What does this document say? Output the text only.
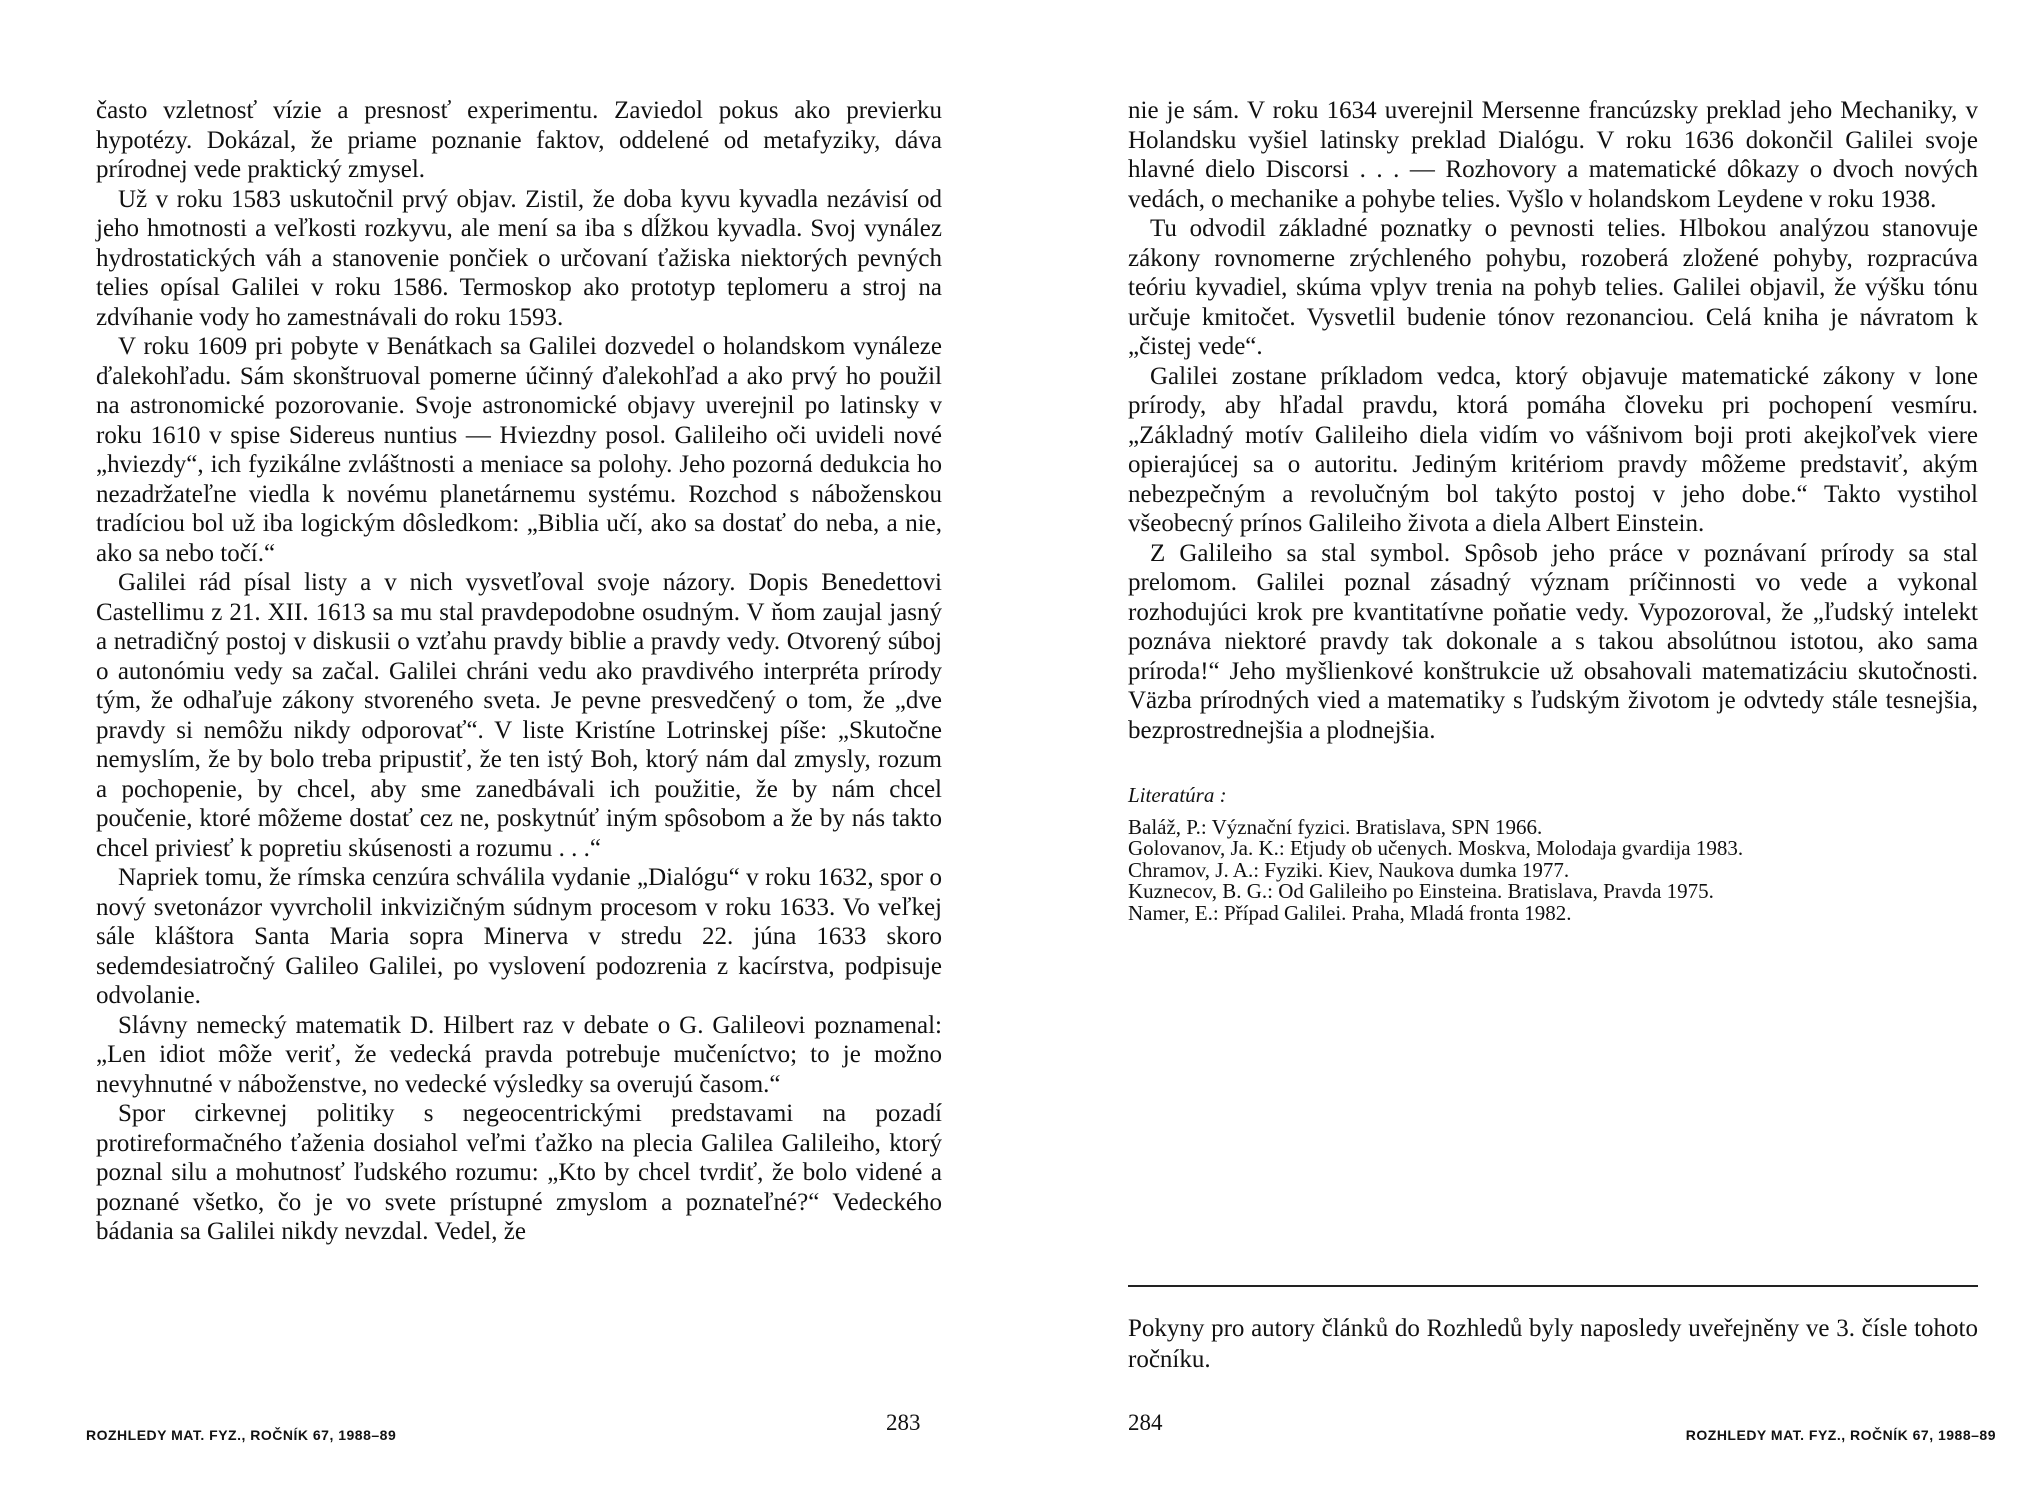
často vzletnosť vízie a presnosť experimentu. Zaviedol pokus ako previerku hypotézy. Dokázal, že priame poznanie faktov, oddelené od metafyziky, dáva prírodnej vede praktický zmysel.

Už v roku 1583 uskutočnil prvý objav. Zistil, že doba kyvu kyvadla nezávisí od jeho hmotnosti a veľkosti rozkyvu, ale mení sa iba s dĺžkou kyvadla. Svoj vynález hydrostatických váh a stanovenie pončiek o určovaní ťažiska niektorých pevných telies opísal Galilei v roku 1586. Termoskop ako prototyp teplomeru a stroj na zdvíhanie vody ho zamestnávali do roku 1593.

V roku 1609 pri pobyte v Benátkach sa Galilei dozvedel o holandskom vynáleze ďalekohľadu. Sám skonštruoval pomerne účinný ďalekohľad a ako prvý ho použil na astronomické pozorovanie. Svoje astronomické objavy uverejnil po latinsky v roku 1610 v spise Sidereus nuntius — Hviezdny posol. Galileiho oči uvideli nové „hviezdy“, ich fyzikálne zvláštnosti a meniace sa polohy. Jeho pozorná dedukcia ho nezadržateľne viedla k novému planetárnemu systému. Rozchod s náboženskou tradíciou bol už iba logickým dôsledkom: „Biblia učí, ako sa dostať do neba, a nie, ako sa nebo točí.“

Galilei rád písal listy a v nich vysvetľoval svoje názory. Dopis Benedettovi Castellimu z 21. XII. 1613 sa mu stal pravdepodobne osudným. V ňom zaujal jasný a netradičný postoj v diskusii o vzťahu pravdy biblie a pravdy vedy. Otvorený súboj o autonómiu vedy sa začal. Galilei chráni vedu ako pravdivého interpréta prírody tým, že odhaľuje zákony stvoreného sveta. Je pevne presvedčený o tom, že „dve pravdy si nemôžu nikdy odporovať“. V liste Kristíne Lotrinskej píše: „Skutočne nemyslím, že by bolo treba pripustiť, že ten istý Boh, ktorý nám dal zmysly, rozum a pochopenie, by chcel, aby sme zanedbávali ich použitie, že by nám chcel poučenie, ktoré môžeme dostať cez ne, poskytnúť iným spôsobom a že by nás takto chcel priviesť k popretiu skúsenosti a rozumu . . .“

Napriek tomu, že rímska cenzúra schválila vydanie „Dialógu“ v roku 1632, spor o nový svetonázor vyvrcholil inkvizičným súdnym procesom v roku 1633. Vo veľkej sále kláštora Santa Maria sopra Minerva v stredu 22. júna 1633 skoro sedemdesiatročný Galileo Galilei, po vyslovení podozrenia z kacírstva, podpisuje odvolanie.

Slávny nemecký matematik D. Hilbert raz v debate o G. Galileovi poznamenal: „Len idiot môže veriť, že vedecká pravda potrebuje mučeníctvo; to je možno nevyhnutné v náboženstve, no vedecké výsledky sa overujú časom.“

Spor cirkevnej politiky s negeocentrickými predstavami na pozadí protireformačného ťaženia dosiahol veľmi ťažko na plecia Galilea Galileiho, ktorý poznal silu a mohutnosť ľudského rozumu: „Kto by chcel tvrdiť, že bolo videné a poznané všetko, čo je vo svete prístupné zmyslom a poznateľné?“ Vedeckého bádania sa Galilei nikdy nevzdal. Vedel, že

ROZHLEDY MAT. FYZ., ROČNÍK 67, 1988–89	283

nie je sám. V roku 1634 uverejnil Mersenne francúzsky preklad jeho Mechaniky, v Holandsku vyšiel latinsky preklad Dialógu. V roku 1636 dokončil Galilei svoje hlavné dielo Discorsi . . . — Rozhovory a matematické dôkazy o dvoch nových vedách, o mechanike a pohybe telies. Vyšlo v holandskom Leydene v roku 1938.

Tu odvodil základné poznatky o pevnosti telies. Hlbokou analýzou stanovuje zákony rovnomerne zrýchleného pohybu, rozoberá zložené pohyby, rozpracúva teóriu kyvadiel, skúma vplyv trenia na pohyb telies. Galilei objavil, že výšku tónu určuje kmitočet. Vysvetlil budenie tónov rezonanciou. Celá kniha je návratom k „čistej vede“.

Galilei zostane príkladom vedca, ktorý objavuje matematické zákony v lone prírody, aby hľadal pravdu, ktorá pomáha človeku pri pochopení vesmíru. „Základný motív Galileiho diela vidím vo vášnivom boji proti akejkoľvek viere opierajúcej sa o autoritu. Jediným kritériom pravdy môžeme predstaviť, akým nebezpečným a revolučným bol takýto postoj v jeho dobe.“ Takto vystihol všeobecný prínos Galileiho života a diela Albert Einstein.

Z Galileiho sa stal symbol. Spôsob jeho práce v poznávaní prírody sa stal prelomom. Galilei poznal zásadný význam príčinnosti vo vede a vykonal rozhodujúci krok pre kvantitatívne poňatie vedy. Vypozoroval, že „ľudský intelekt poznáva niektoré pravdy tak dokonale a s takou absolútnou istotou, ako sama príroda!“ Jeho myšlienkové konštrukcie už obsahovali matematizáciu skutočnosti. Väzba prírodných vied a matematiky s ľudským životom je odvtedy stále tesnejšia, bezprostrednejšia a plodnejšia.

Literatúra :
Baláž, P.: Význační fyzici. Bratislava, SPN 1966.
Golovanov, Ja. K.: Etjudy ob učenych. Moskva, Molodaja gvardija 1983.
Chramov, J. A.: Fyziki. Kiev, Naukova dumka 1977.
Kuznecov, B. G.: Od Galileiho po Einsteina. Bratislava, Pravda 1975.
Namer, E.: Případ Galilei. Praha, Mladá fronta 1982.

Pokyny pro autory článků do Rozhledů byly naposledy uveřejněny ve 3. čísle tohoto ročníku.

284	ROZHLEDY MAT. FYZ., ROČNÍK 67, 1988–89
